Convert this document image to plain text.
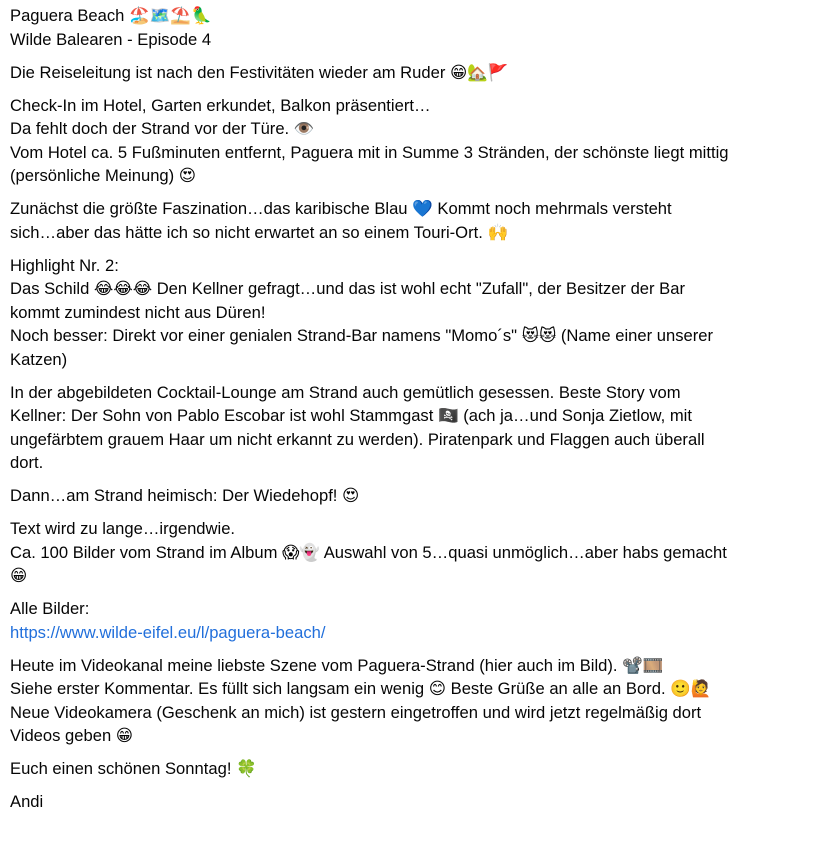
Paguera Beach 🏖️🗺️⛱️🦜
Wilde Balearen - Episode 4
Die Reiseleitung ist nach den Festivitäten wieder am Ruder 😁🏡🚩
Check-In im Hotel, Garten erkundet, Balkon präsentiert…
Da fehlt doch der Strand vor der Türe. 👁️
Vom Hotel ca. 5 Fußminuten entfernt, Paguera mit in Summe 3 Stränden, der schönste liegt mittig
(persönliche Meinung) 😍
Zunächst die größte Faszination…das karibische Blau 💙 Kommt noch mehrmals versteht
sich…aber das hätte ich so nicht erwartet an so einem Touri-Ort. 🙌
Highlight Nr. 2:
Das Schild 😂😂😂 Den Kellner gefragt…und das ist wohl echt "Zufall", der Besitzer der Bar
kommt zumindest nicht aus Düren!
Noch besser: Direkt vor einer genialen Strand-Bar namens "Momo´s" 😻😻 (Name einer unserer
Katzen)
In der abgebildeten Cocktail-Lounge am Strand auch gemütlich gesessen. Beste Story vom
Kellner: Der Sohn von Pablo Escobar ist wohl Stammgast 🏴‍☠️ (ach ja…und Sonja Zietlow, mit
ungefärbtem grauem Haar um nicht erkannt zu werden). Piratenpark und Flaggen auch überall
dort.
Dann…am Strand heimisch: Der Wiedehopf! 😍
Text wird zu lange…irgendwie.
Ca. 100 Bilder vom Strand im Album 😱👻 Auswahl von 5…quasi unmöglich…aber habs gemacht
😁
Alle Bilder:
https://www.wilde-eifel.eu/l/paguera-beach/
Heute im Videokanal meine liebste Szene vom Paguera-Strand (hier auch im Bild). 📽️🎞️
Siehe erster Kommentar. Es füllt sich langsam ein wenig 😊 Beste Grüße an alle an Bord. 🙂🙋
Neue Videokamera (Geschenk an mich) ist gestern eingetroffen und wird jetzt regelmäßig dort
Videos geben 😁
Euch einen schönen Sonntag! 🍀
Andi
